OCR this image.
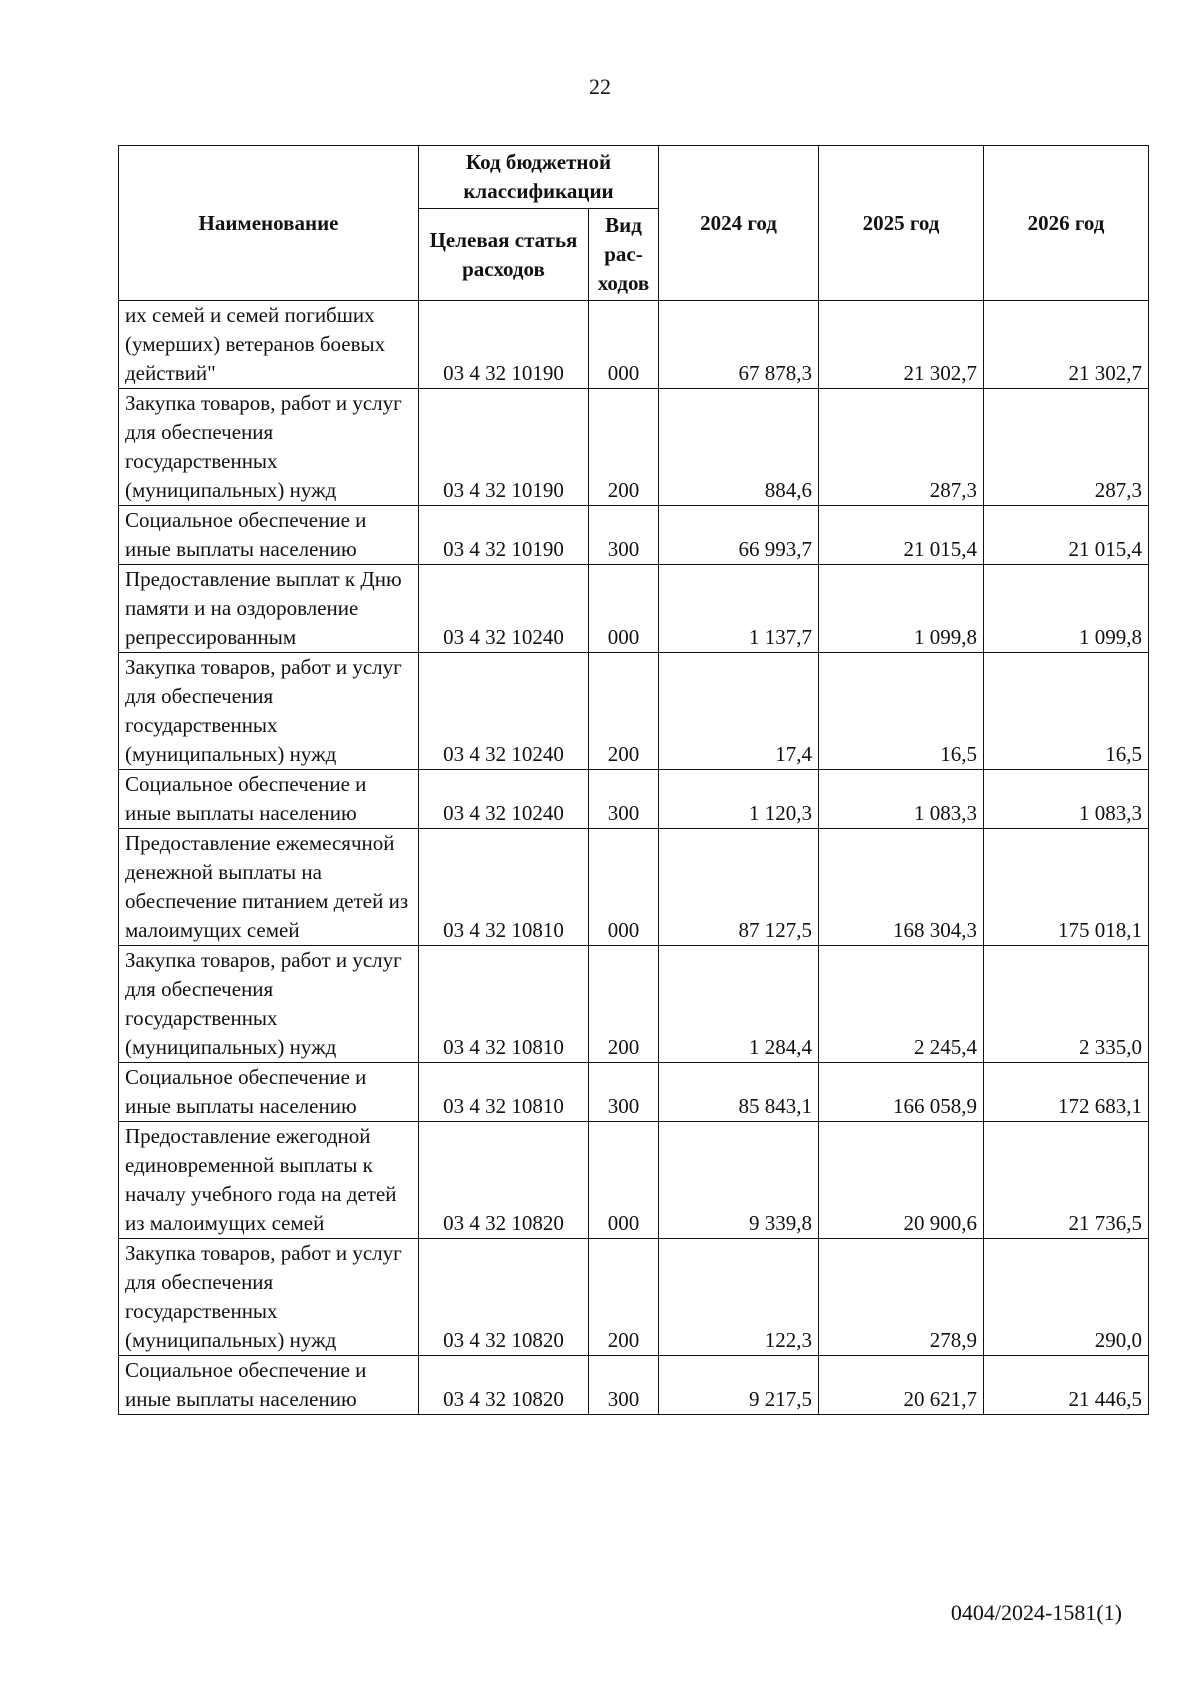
22
Наименование	Код бюджетной классификации		2024 год	2025 год	2026 год
	Целевая статья расходов	Вид рас-ходов			
их семей и семей погибших (умерших) ветеранов боевых действий"	03 4 32 10190	000	67 878,3	21 302,7	21 302,7
Закупка товаров, работ и услуг для обеспечения государственных (муниципальных) нужд	03 4 32 10190	200	884,6	287,3	287,3
Социальное обеспечение и иные выплаты населению	03 4 32 10190	300	66 993,7	21 015,4	21 015,4
Предоставление выплат к Дню памяти и на оздоровление репрессированным	03 4 32 10240	000	1 137,7	1 099,8	1 099,8
Закупка товаров, работ и услуг для обеспечения государственных (муниципальных) нужд	03 4 32 10240	200	17,4	16,5	16,5
Социальное обеспечение и иные выплаты населению	03 4 32 10240	300	1 120,3	1 083,3	1 083,3
Предоставление ежемесячной денежной выплаты на обеспечение питанием детей из малоимущих семей	03 4 32 10810	000	87 127,5	168 304,3	175 018,1
Закупка товаров, работ и услуг для обеспечения государственных (муниципальных) нужд	03 4 32 10810	200	1 284,4	2 245,4	2 335,0
Социальное обеспечение и иные выплаты населению	03 4 32 10810	300	85 843,1	166 058,9	172 683,1
Предоставление ежегодной единовременной выплаты к началу учебного года на детей из малоимущих семей	03 4 32 10820	000	9 339,8	20 900,6	21 736,5
Закупка товаров, работ и услуг для обеспечения государственных (муниципальных) нужд	03 4 32 10820	200	122,3	278,9	290,0
Социальное обеспечение и иные выплаты населению	03 4 32 10820	300	9 217,5	20 621,7	21 446,5
0404/2024-1581(1)
